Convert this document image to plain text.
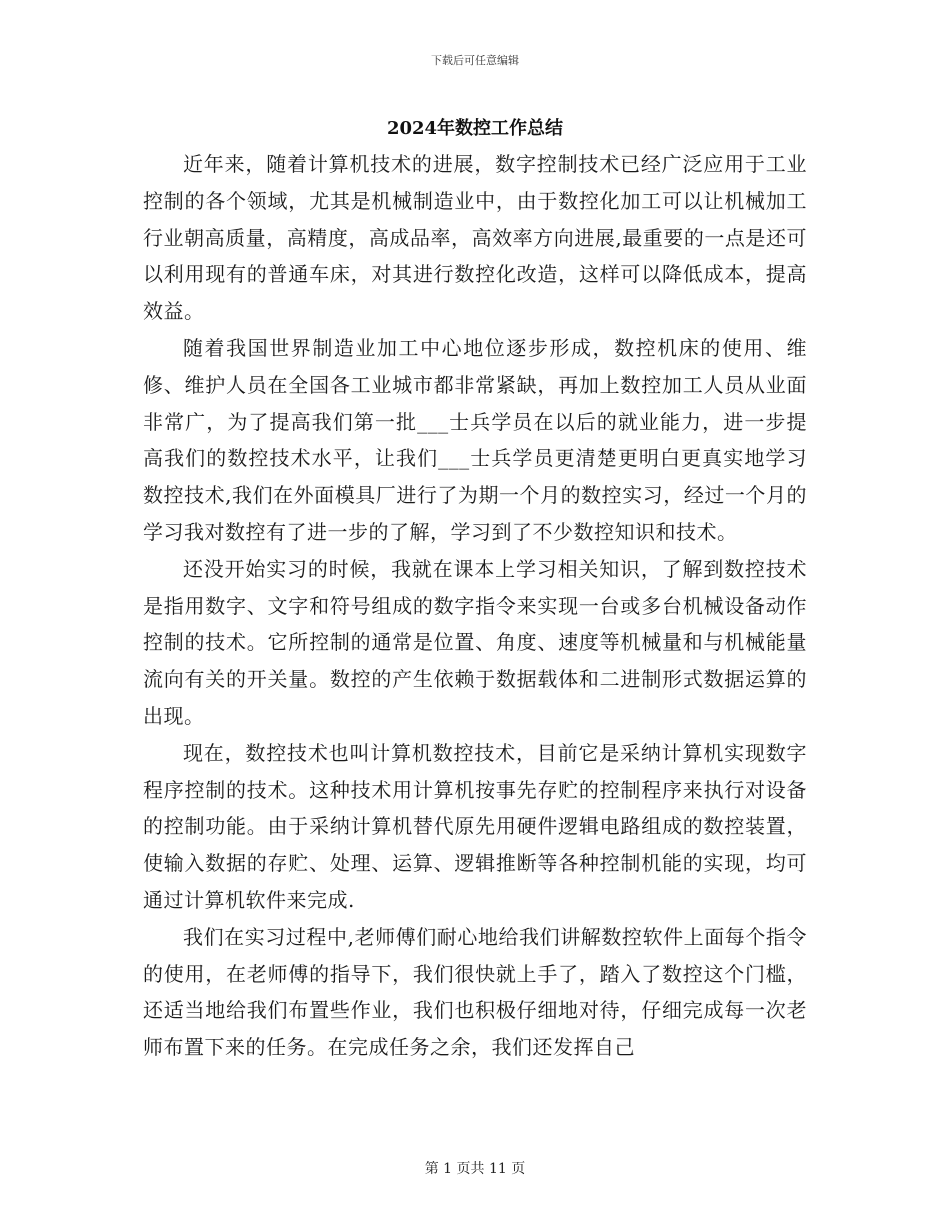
下载后可任意编辑
2024年数控工作总结

近年来，随着计算机技术的进展，数字控制技术已经广泛应用于工业控制的各个领域，尤其是机械制造业中，由于数控化加工可以让机械加工行业朝高质量，高精度，高成品率，高效率方向进展,最重要的一点是还可以利用现有的普通车床，对其进行数控化改造，这样可以降低成本，提高效益。

随着我国世界制造业加工中心地位逐步形成，数控机床的使用、维修、维护人员在全国各工业城市都非常紧缺，再加上数控加工人员从业面非常广，为了提高我们第一批___士兵学员在以后的就业能力，进一步提高我们的数控技术水平，让我们___士兵学员更清楚更明白更真实地学习数控技术,我们在外面模具厂进行了为期一个月的数控实习，经过一个月的学习我对数控有了进一步的了解，学习到了不少数控知识和技术。

还没开始实习的时候，我就在课本上学习相关知识，了解到数控技术是指用数字、文字和符号组成的数字指令来实现一台或多台机械设备动作控制的技术。它所控制的通常是位置、角度、速度等机械量和与机械能量流向有关的开关量。数控的产生依赖于数据载体和二进制形式数据运算的出现。

现在，数控技术也叫计算机数控技术，目前它是采纳计算机实现数字程序控制的技术。这种技术用计算机按事先存贮的控制程序来执行对设备的控制功能。由于采纳计算机替代原先用硬件逻辑电路组成的数控装置，使输入数据的存贮、处理、运算、逻辑推断等各种控制机能的实现，均可通过计算机软件来完成.

我们在实习过程中,老师傅们耐心地给我们讲解数控软件上面每个指令的使用，在老师傅的指导下，我们很快就上手了，踏入了数控这个门槛，还适当地给我们布置些作业，我们也积极仔细地对待，仔细完成每一次老师布置下来的任务。在完成任务之余，我们还发挥自己

第 1 页共 11 页
